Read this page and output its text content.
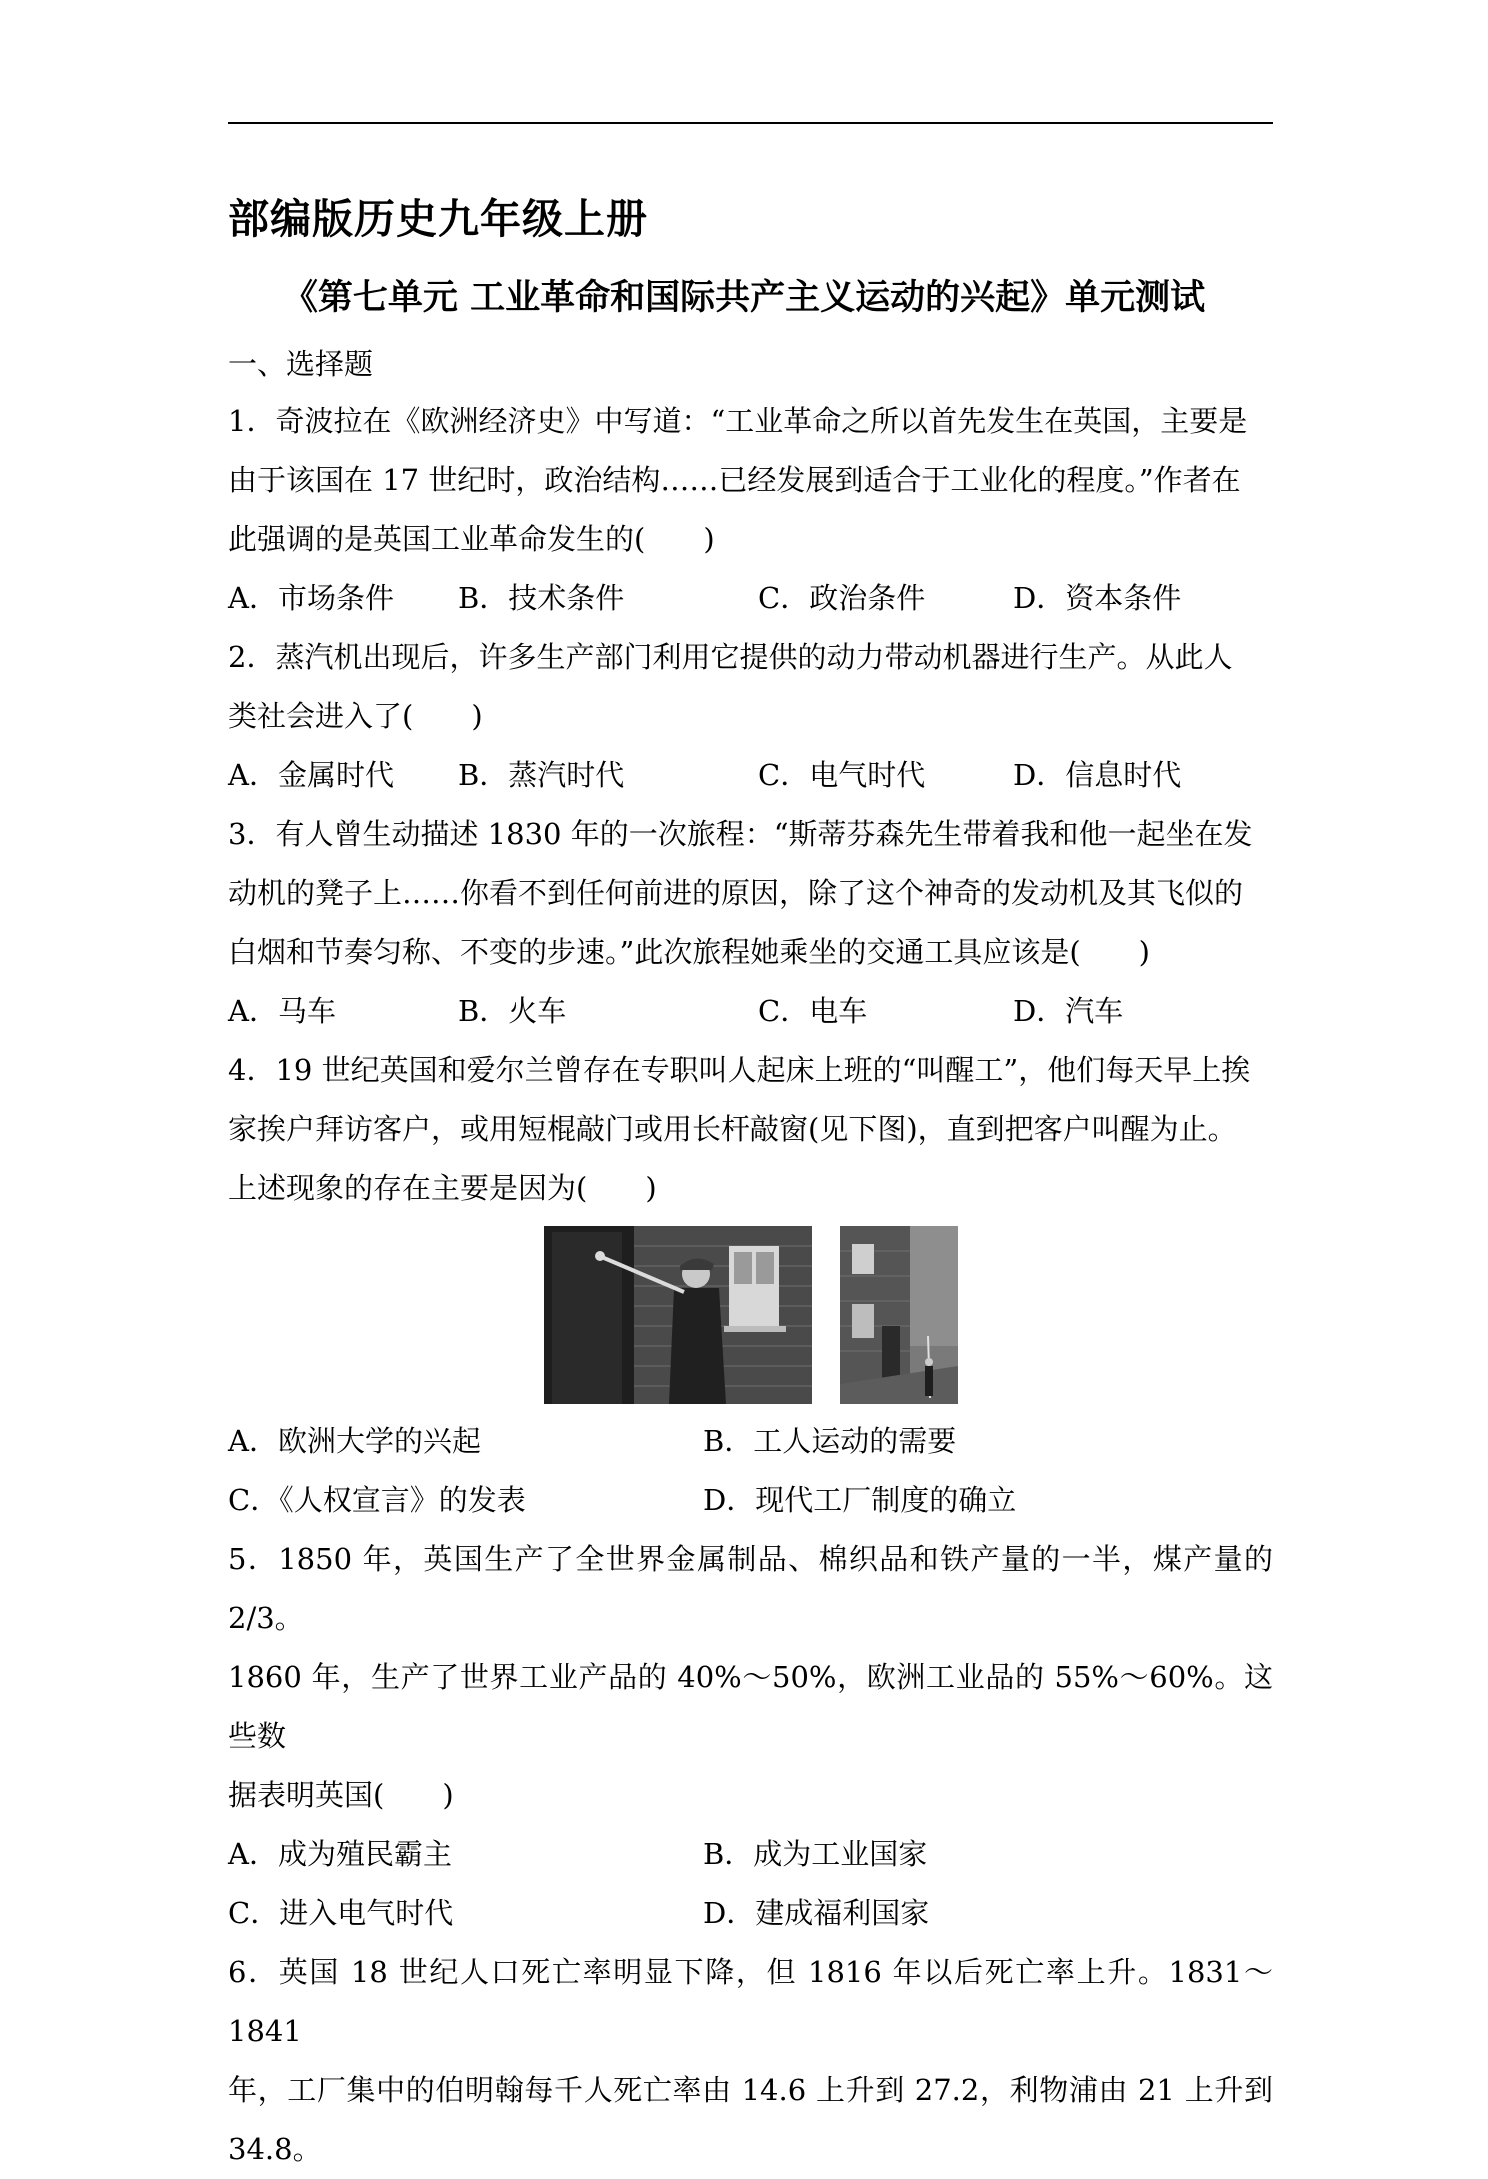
部编版历史九年级上册
《第七单元 工业革命和国际共产主义运动的兴起》单元测试
一、选择题

1．奇波拉在《欧洲经济史》中写道：“工业革命之所以首先发生在英国，主要是

由于该国在 17 世纪时，政治结构……已经发展到适合于工业化的程度。”作者在

此强调的是英国工业革命发生的(　　)

A．市场条件 B．技术条件	C．政治条件	D．资本条件

2．蒸汽机出现后，许多生产部门利用它提供的动力带动机器进行生产。从此人

类社会进入了(　　)

A．金属时代 B．蒸汽时代	C．电气时代	D．信息时代

3．有人曾生动描述 1830 年的一次旅程：“斯蒂芬森先生带着我和他一起坐在发

动机的凳子上……你看不到任何前进的原因，除了这个神奇的发动机及其飞似的

白烟和节奏匀称、不变的步速。”此次旅程她乘坐的交通工具应该是(　　)

A．马车	B．火车	C．电车	D．汽车

4．19 世纪英国和爱尔兰曾存在专职叫人起床上班的“叫醒工”，他们每天早上挨

家挨户拜访客户，或用短棍敲门或用长杆敲窗(见下图)，直到把客户叫醒为止。

上述现象的存在主要是因为(　　)

A．欧洲大学的兴起	B．工人运动的需要
C．《人权宣言》的发表	D．现代工厂制度的确立

5．1850 年，英国生产了全世界金属制品、棉织品和铁产量的一半，煤产量的 2/3。

1860 年，生产了世界工业产品的 40%～50%，欧洲工业品的 55%～60%。这些数

据表明英国(　　)

A．成为殖民霸主	B．成为工业国家
C．进入电气时代	D．建成福利国家

6．英国 18 世纪人口死亡率明显下降，但 1816 年以后死亡率上升。1831～1841

年，工厂集中的伯明翰每千人死亡率由 14.6 上升到 27.2，利物浦由 21 上升到 34.8。
